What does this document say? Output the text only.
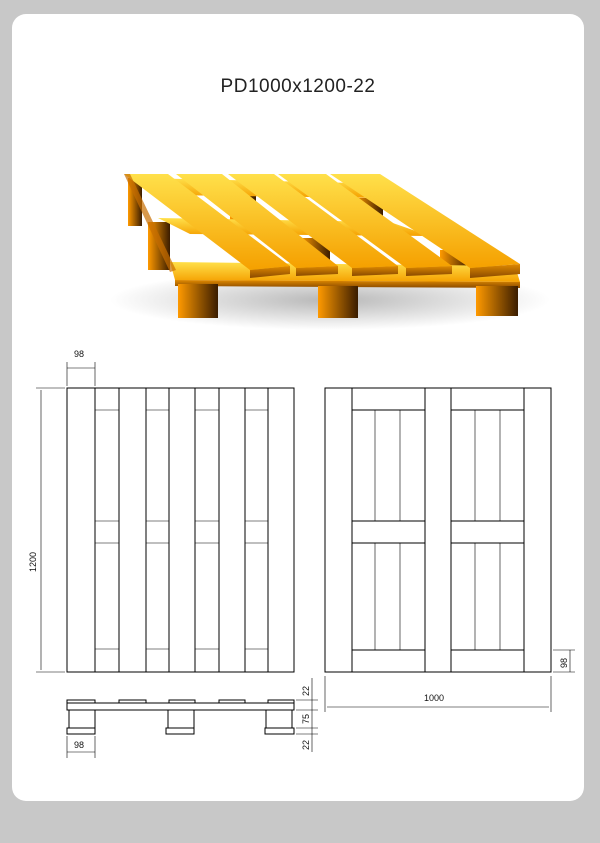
PD1000x1200-22
98
1200
98
1000
22
75
22
98
